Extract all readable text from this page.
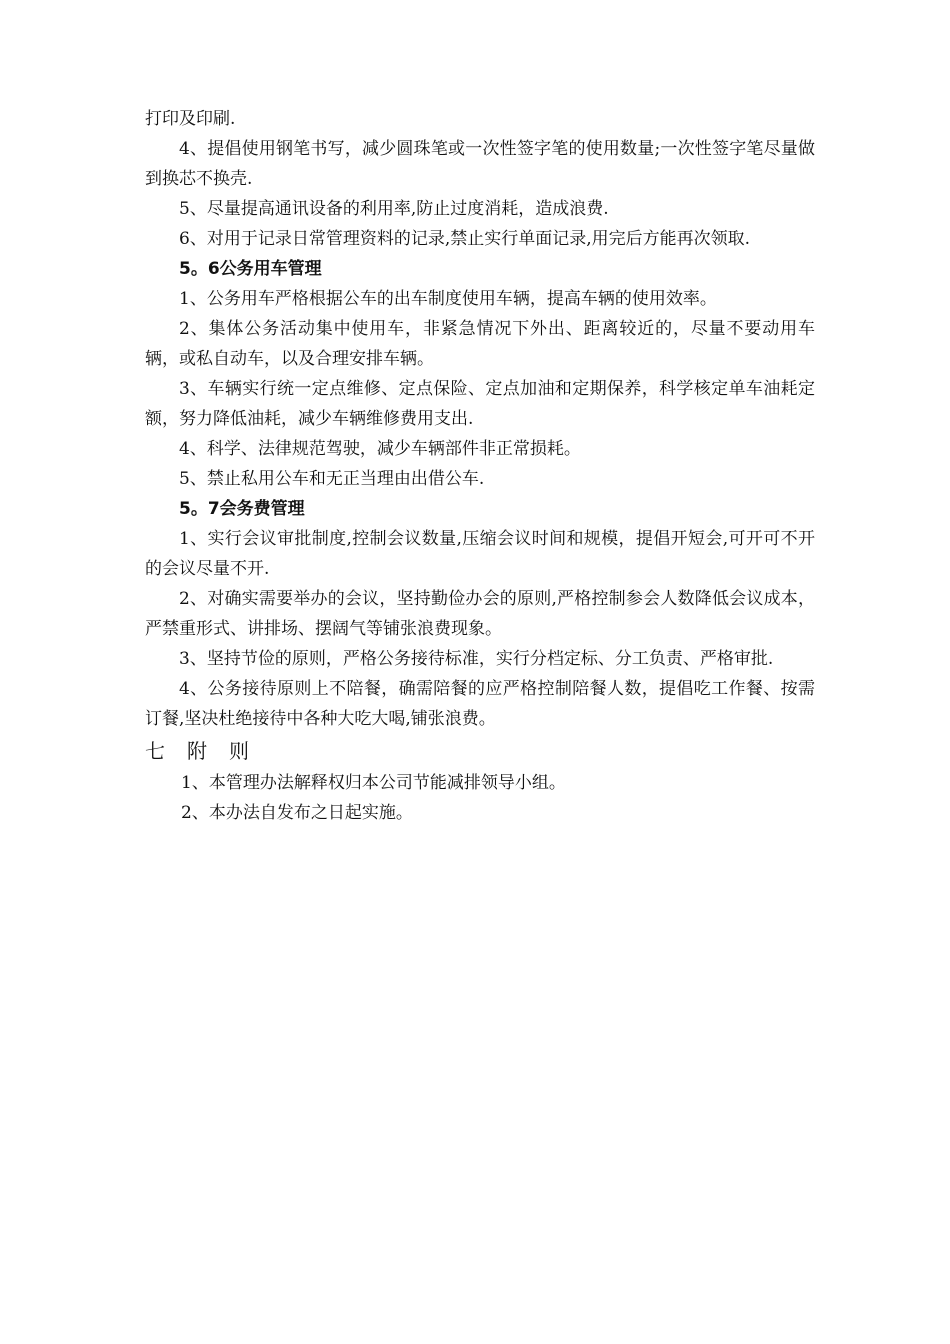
打印及印刷.

4、提倡使用钢笔书写，减少圆珠笔或一次性签字笔的使用数量;一次性签字笔尽量做到换芯不换壳.

5、尽量提高通讯设备的利用率,防止过度消耗，造成浪费.

6、对用于记录日常管理资料的记录,禁止实行单面记录,用完后方能再次领取.

5。6公务用车管理

1、公务用车严格根据公车的出车制度使用车辆，提高车辆的使用效率。

2、集体公务活动集中使用车，非紧急情况下外出、距离较近的，尽量不要动用车辆，或私自动车，以及合理安排车辆。

3、车辆实行统一定点维修、定点保险、定点加油和定期保养，科学核定单车油耗定额，努力降低油耗，减少车辆维修费用支出.

4、科学、法律规范驾驶，减少车辆部件非正常损耗。

5、禁止私用公车和无正当理由出借公车.

5。7会务费管理

1、实行会议审批制度,控制会议数量,压缩会议时间和规模，提倡开短会,可开可不开的会议尽量不开.

2、对确实需要举办的会议，坚持勤俭办会的原则,严格控制参会人数降低会议成本，严禁重形式、讲排场、摆阔气等铺张浪费现象。

3、坚持节俭的原则，严格公务接待标准，实行分档定标、分工负责、严格审批.

4、公务接待原则上不陪餐，确需陪餐的应严格控制陪餐人数，提倡吃工作餐、按需订餐,坚决杜绝接待中各种大吃大喝,铺张浪费。

七 附 则

1、本管理办法解释权归本公司节能减排领导小组。

2、本办法自发布之日起实施。
